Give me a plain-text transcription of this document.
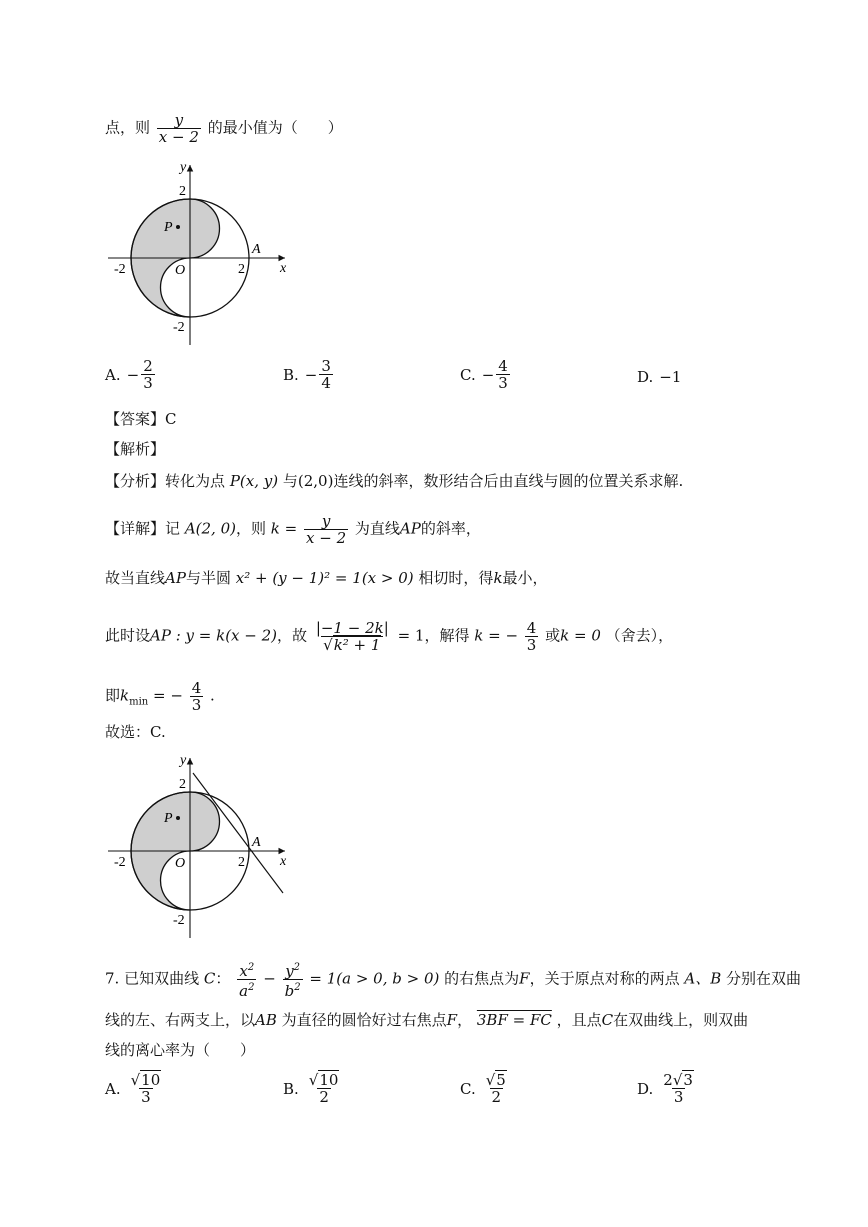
点，则 $\frac{y}{x - 2}$ 的最小值为（　　）
y
x
2
-2
-2	2
O
A
P
A. − $\frac{2}{3}$	B. − $\frac{3}{4}$	C. − $\frac{4}{3}$	D. −1
【答案】C
【解析】
【分析】转化为点 P(x, y) 与(2,0)连线的斜率，数形结合后由直线与圆的位置关系求解.
【详解】记 A(2, 0)，则 $k = \frac{y}{x - 2}$ 为直线AP的斜率，
故当直线AP与半圆 x² + (y − 1)² = 1(x > 0) 相切时，得k最小，
此时设AP : y = k(x − 2)，故 $\frac{|-1 - 2k|}{\text{√k² + 1}} = 1$，解得 k = − $\frac{4}{3}$ 或k = 0 （舍去），
即$k_{min}$ = − $\frac{4}{3}$ .
故选：C.
y
x
2
-2
-2	2
O
A
P
7. 已知双曲线 C： $\frac{x^2}{a^2} - \frac{y^2}{b^2} = 1(a > 0$, b > 0) 的右焦点为F，关于原点对称的两点 A、B 分别在双曲
线的左、右两支上，以AB 为直径的圆恰好过右焦点F， 3BF = FC ，且点C在双曲线上，则双曲
线的离心率为（　　）
A. $\frac{√10}{3}$	B. $\frac{√10}{2}$	C. $\frac{√5}{2}$	D. $\frac{2√3}{3}$
